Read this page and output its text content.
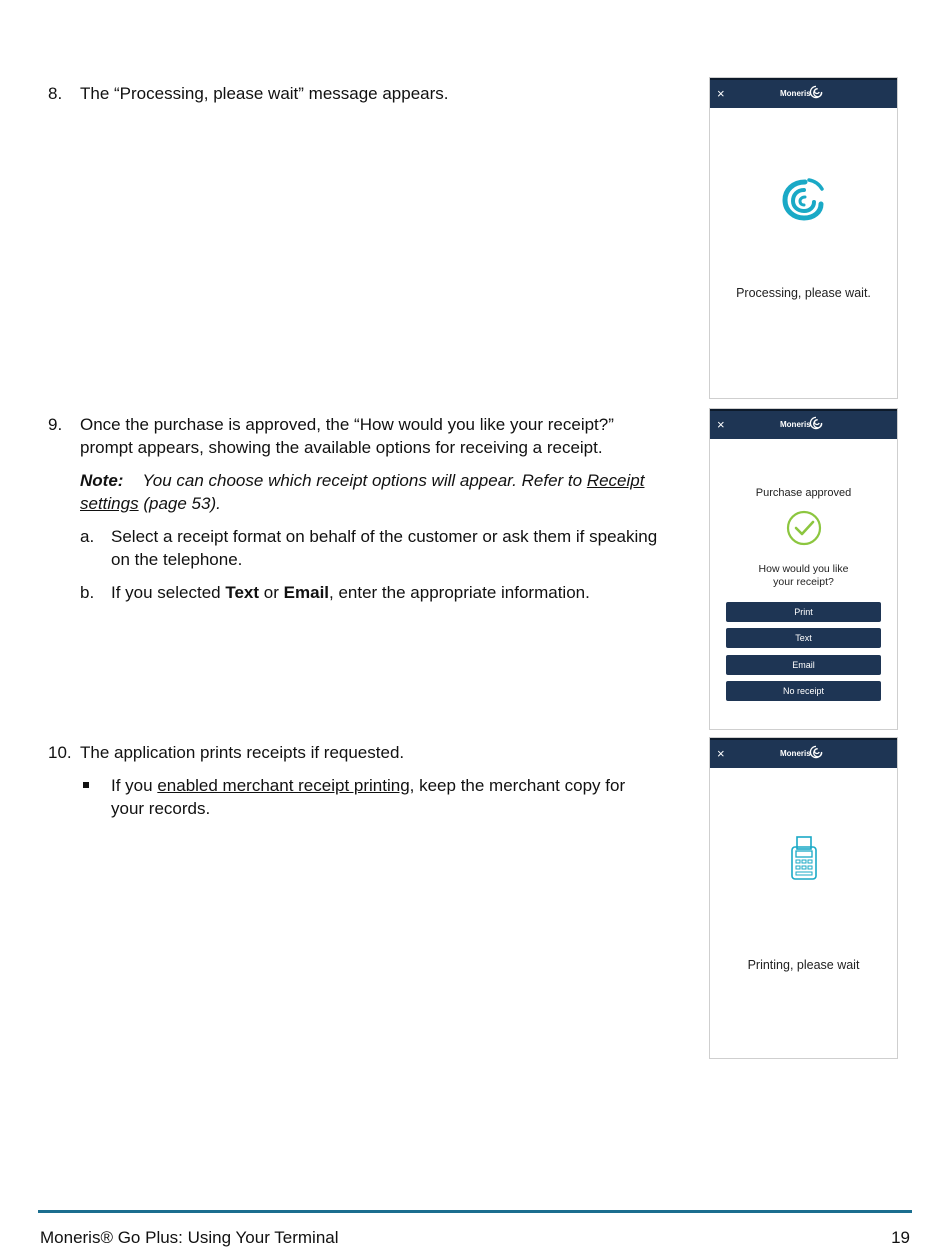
8. The “Processing, please wait” message appears.

9. Once the purchase is approved, the “How would you like your receipt?” prompt appears, showing the available options for receiving a receipt.

Note: You can choose which receipt options will appear. Refer to Receipt settings (page 53).

a. Select a receipt format on behalf of the customer or ask them if speaking on the telephone.
b. If you selected Text or Email, enter the appropriate information.
10. The application prints receipts if requested.

If you enabled merchant receipt printing, keep the merchant copy for your records.
×	Moneris
Processing, please wait.
×	Moneris
Purchase approved
How would you like
your receipt?
Print
Text
Email
No receipt
×	Moneris
Printing, please wait
Moneris® Go Plus: Using Your Terminal	19
